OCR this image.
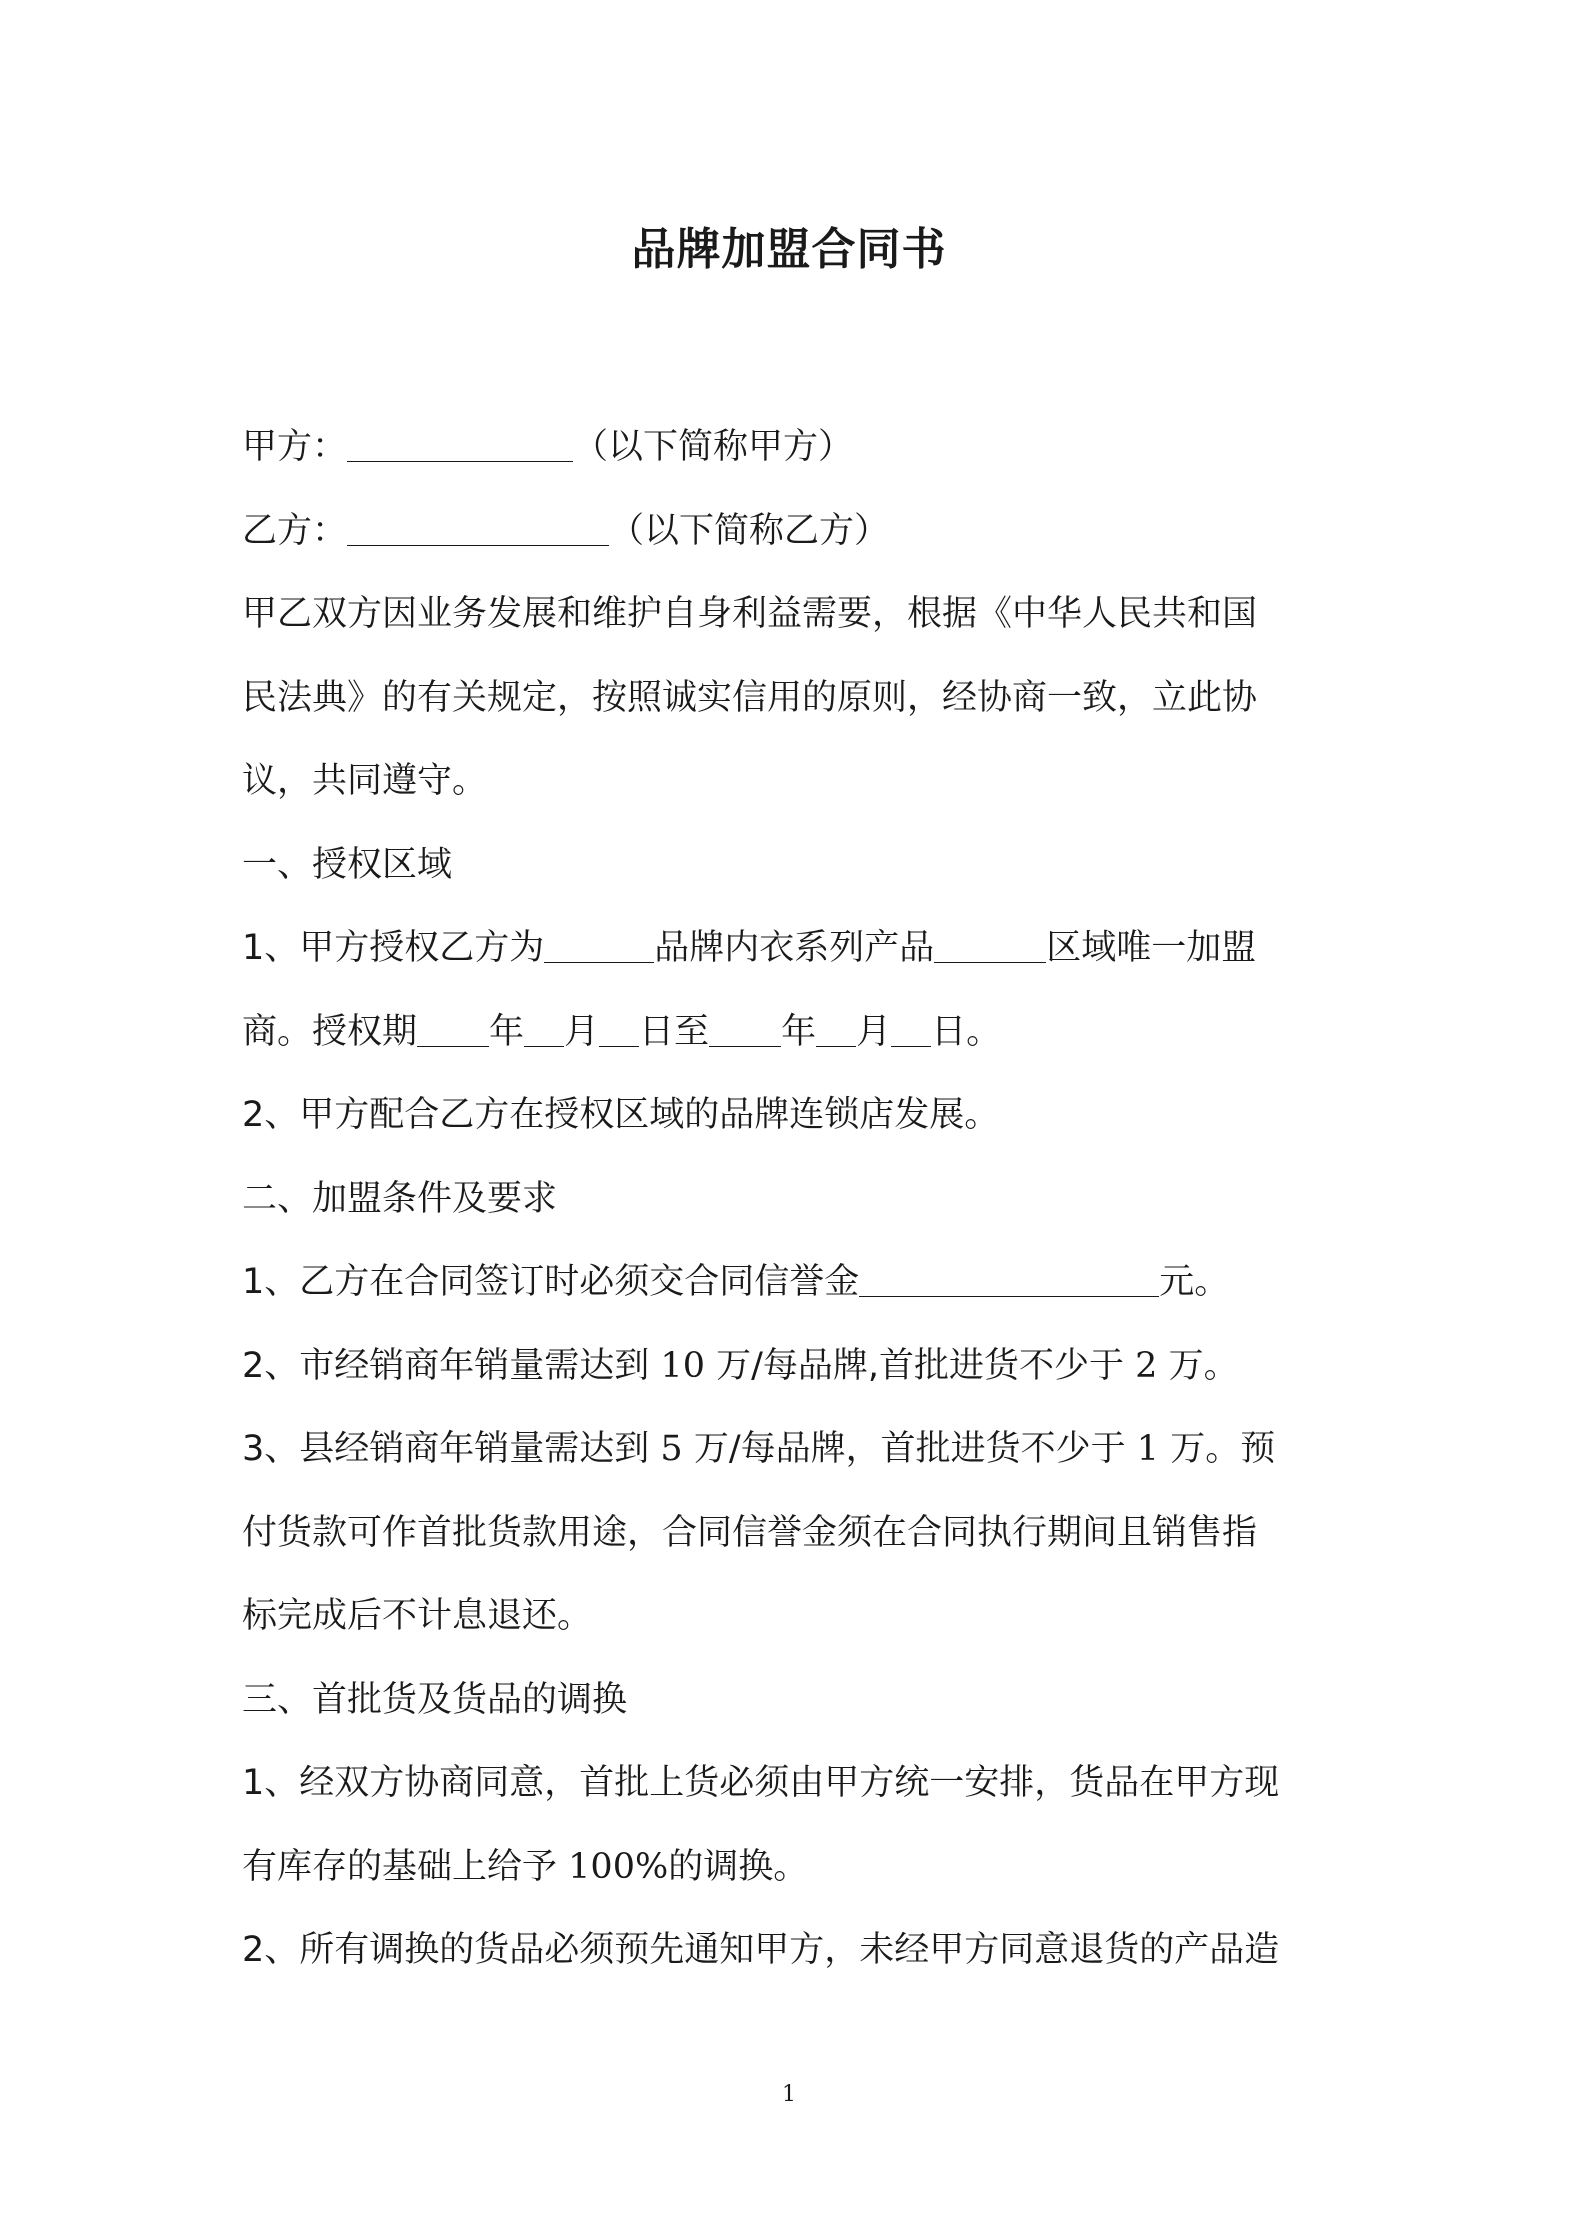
品牌加盟合同书

甲方：	（以下简称甲方）

乙方：	（以下简称乙方）

甲乙双方因业务发展和维护自身利益需要，根据《中华人民共和国

民法典》的有关规定，按照诚实信用的原则，经协商一致，立此协

议，共同遵守。

一、授权区域

1、甲方授权乙方为	品牌内衣系列产品	区域唯一加盟

商。授权期 年 月 日至 年 月 日。

2、甲方配合乙方在授权区域的品牌连锁店发展。

二、加盟条件及要求

1、乙方在合同签订时必须交合同信誉金	元。

2、市经销商年销量需达到 10 万/每品牌,首批进货不少于 2 万。

3、县经销商年销量需达到 5 万/每品牌，首批进货不少于 1 万。预

付货款可作首批货款用途，合同信誉金须在合同执行期间且销售指

标完成后不计息退还。

三、首批货及货品的调换

1、经双方协商同意，首批上货必须由甲方统一安排，货品在甲方现

有库存的基础上给予 100%的调换。

2、所有调换的货品必须预先通知甲方，未经甲方同意退货的产品造

1
